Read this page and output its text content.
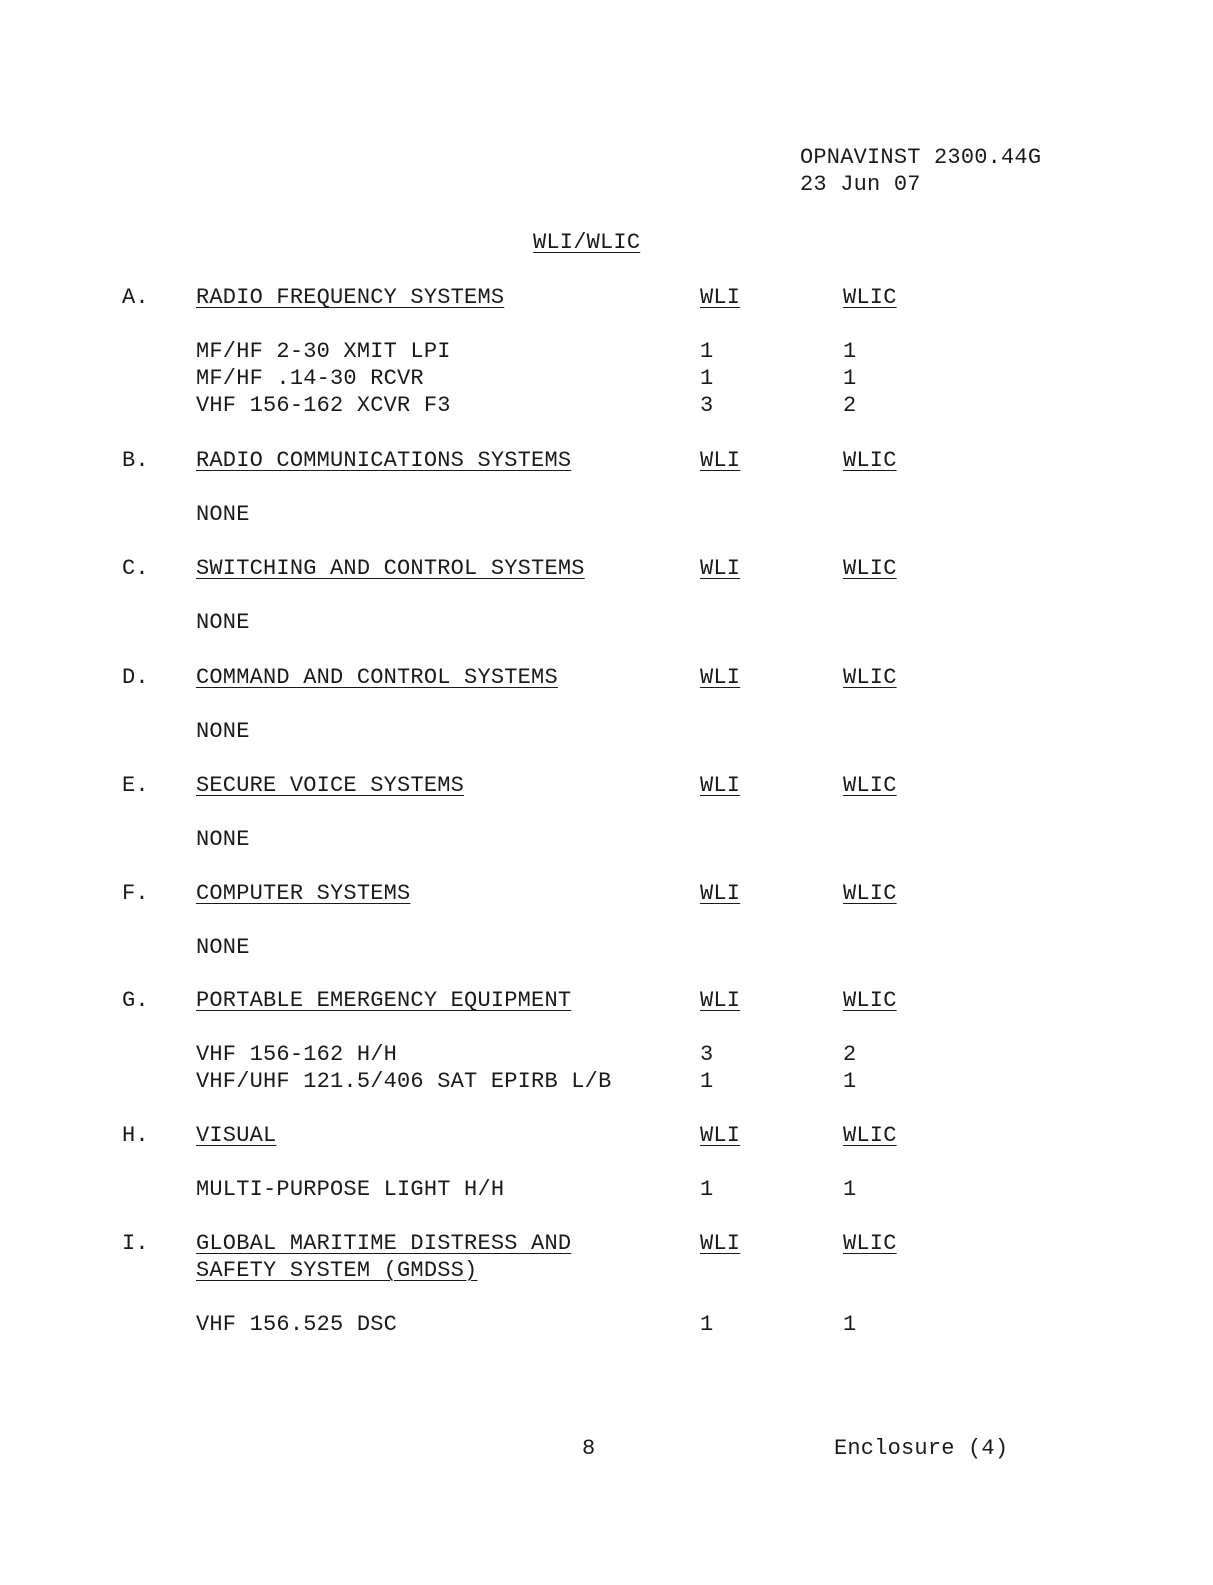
OPNAVINST 2300.44G
23 Jun 07
WLI/WLIC
A. RADIO FREQUENCY SYSTEMS	WLI	WLIC
MF/HF 2-30 XMIT LPI	1	1
MF/HF .14-30 RCVR	1	1
VHF 156-162 XCVR F3	3	2
B. RADIO COMMUNICATIONS SYSTEMS	WLI	WLIC
NONE
C. SWITCHING AND CONTROL SYSTEMS	WLI	WLIC
NONE
D. COMMAND AND CONTROL SYSTEMS	WLI	WLIC
NONE
E. SECURE VOICE SYSTEMS	WLI	WLIC
NONE
F. COMPUTER SYSTEMS	WLI	WLIC
NONE
G. PORTABLE EMERGENCY EQUIPMENT	WLI	WLIC
VHF 156-162 H/H	3	2
VHF/UHF 121.5/406 SAT EPIRB L/B	1	1
H. VISUAL	WLI	WLIC
MULTI-PURPOSE LIGHT H/H	1	1
I. GLOBAL MARITIME DISTRESS AND
SAFETY SYSTEM (GMDSS)
WLI	WLIC
VHF 156.525 DSC	1	1
8	Enclosure (4)
